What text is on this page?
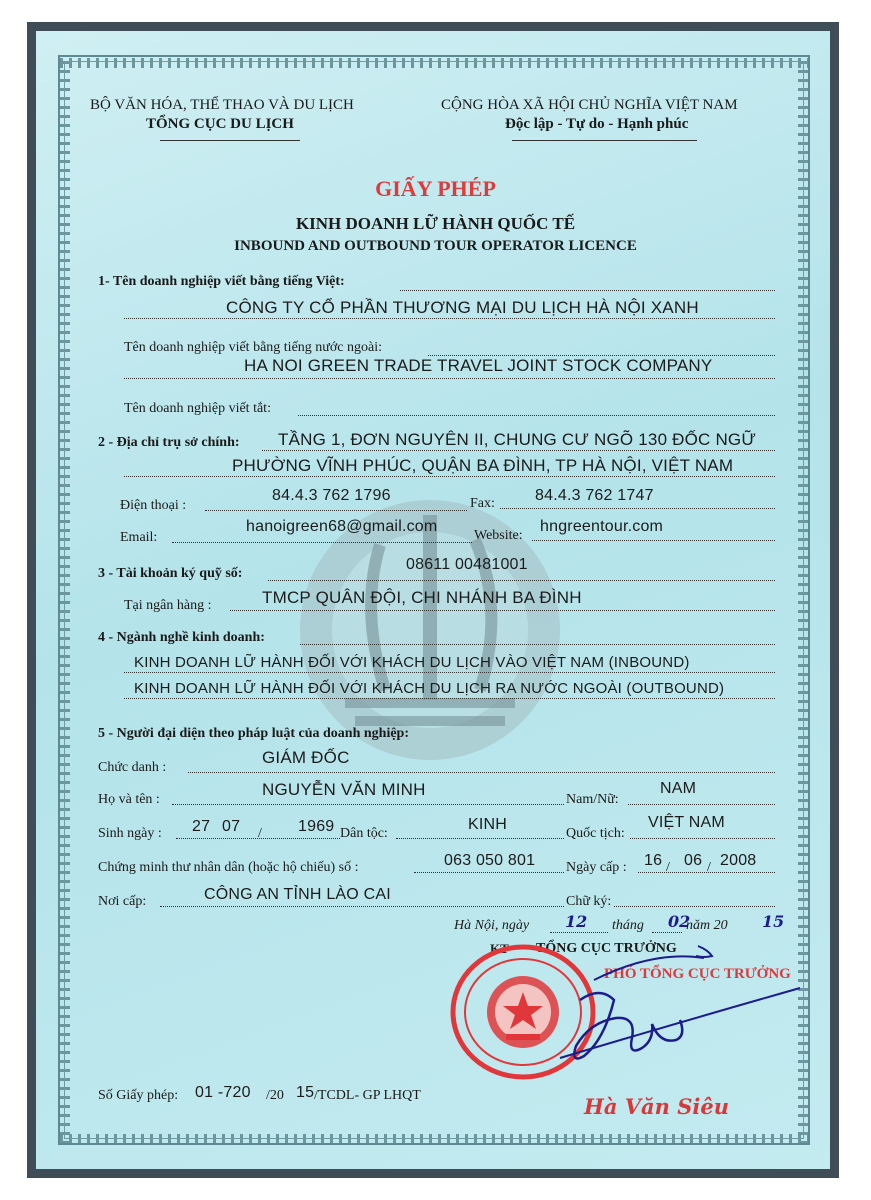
BỘ VĂN HÓA, THỂ THAO VÀ DU LỊCH
TỔNG CỤC DU LỊCH
CỘNG HÒA XÃ HỘI CHỦ NGHĨA VIỆT NAM
Độc lập - Tự do - Hạnh phúc
GIẤY PHÉP
KINH DOANH LỮ HÀNH QUỐC TẾ
INBOUND AND OUTBOUND TOUR OPERATOR LICENCE
1- Tên doanh nghiệp viết bằng tiếng Việt:
CÔNG TY CỔ PHẦN THƯƠNG MẠI DU LỊCH HÀ NỘI XANH
Tên doanh nghiệp viết bằng tiếng nước ngoài:
HA NOI GREEN TRADE TRAVEL JOINT STOCK COMPANY
Tên doanh nghiệp viết tắt:
2 - Địa chỉ trụ sở chính: TẦNG 1, ĐƠN NGUYÊN II, CHUNG CƯ NGÕ 130 ĐỐC NGỮ
PHƯỜNG VĨNH PHÚC, QUẬN BA ĐÌNH, TP HÀ NỘI, VIỆT NAM
Điện thoại :
84.4.3 762 1796	Fax:	84.4.3 762 1747
Email:
hanoigreen68@gmail.com
Website:
hngreentour.com
3 - Tài khoản ký quỹ số:
08611 00481001
Tại ngân hàng :	TMCP QUÂN ĐỘI, CHI NHÁNH BA ĐÌNH
4 - Ngành nghề kinh doanh:
KINH DOANH LỮ HÀNH ĐỐI VỚI KHÁCH DU LỊCH VÀO VIỆT NAM (INBOUND)
KINH DOANH LỮ HÀNH ĐỐI VỚI KHÁCH DU LỊCH RA NƯỚC NGOÀI (OUTBOUND)
5 - Người đại diện theo pháp luật của doanh nghiệp:
Chức danh :
GIÁM ĐỐC
Họ và tên :
NGUYỄN VĂN MINH
Nam/Nữ:
NAM
Sinh ngày : 27 07 / 1969 Dân tộc:
KINH
Quốc tịch:
VIỆT NAM
Chứng minh thư nhân dân (hoặc hộ chiếu) số :	063 050 801 Ngày cấp : 16 / 06 / 2008
Nơi cấp:	CÔNG AN TỈNH LÀO CAI	Chữ ký:
Hà Nội, ngày 12 tháng 02
năm 20 15
KT TỔNG CỤC TRƯỞNG
PHÓ TỔNG CỤC TRƯỞNG
Hà Văn Siêu
Số Giấy phép: 01 -720 /20 15 /TCDL- GP LHQT
